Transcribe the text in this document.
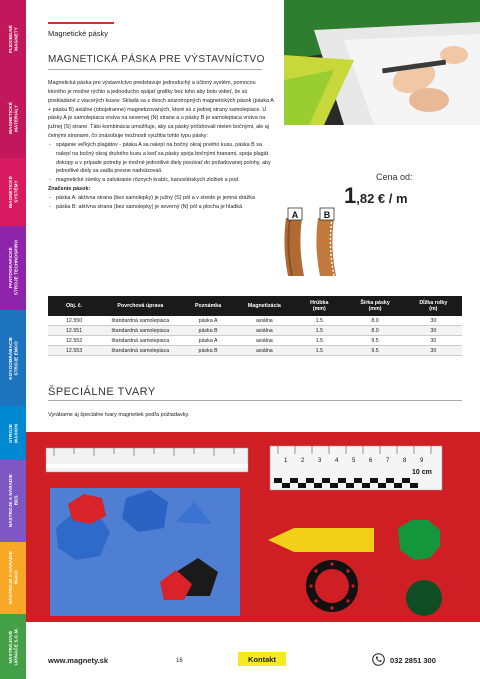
FLEXIBILNÉ
MAGNETY
MAGNETICKÉ
MATERIÁLY
MAGNETICKÉ
SYSTÉMY
PANTOGRAFICKÉ
STROJE TECHNOSPIRO
KOVOOBRÁBACIE
STROJE EMCO
STROJE
MAXION
NÁSTROJE A NÁRADIE
BDS
NÁSTROJE A NÁRADIE
RUKO
NÁSTROJOVÉ
UPÍNAČE S.C.M.
Magnetické pásky
MAGNETICKÁ PÁSKA PRE VÝSTAVNÍCTVO

Magnetická páska pre výstavníctvo predstavuje jednoduchý a účinný systém, pomocou ktorého je možné rýchlo a jednoducho spájať grafiky bez toho aby bolo vidieť, že sú poskladané z viacerých kusov. Skladá sa z dvoch anizotropných magnetických pások (páska A + páska B) axiálne (obojstranne) magnetizovaných, ktoré sú z jednej strany samolepiace. U pásky A je samolepiaca vrstva na severnej (N) strane a u pásky B je samolepiaca vrstva na južnej (S) strane. Táto kombinácia umožňuje, aby sa pásky priťahovali nielen bočnými, ale aj čelnými stranami, čo znásobuje možnosti využitia tohto typu pásky:

- spájanie veľkých plagátov - páska A sa nalepí na bočný okraj prvého kusu, páska B sa nalepí na bočný okraj druhého kusu a keď sa pásky spoja bočnými hranami, spoja plagát dokopy a v prípade potreby je možné jednotlivé diely posúvať do požadovanej polohy, aby jednotlivé diely sa sadla presne nadväzovali.
- magnetické zámky a zatváranie rôznych krabíc, kancelárskych zložiek a pod.

Značenie pások:

- páska A: aktívna strana (bez samolepky) je južný (S) pól a v strede je jemná drážka
- páska B: aktívna strana (bez samolepky) je severný (N) pól a plocha je hladká
Cena od:
1,82 € / m
A	B
Obj. č.	Povrchová úprava	Poznámka	Magnetizácia	Hrúbka
(mm)	Šírka pásky
(mm)	Dĺžka rolky
(m)
12.550	štandardná samolepiaca	páska A	axiálna	1.5	8.0	30
12.551	štandardná samolepiaca	páska B	axiálna	1.5	8.0	30
12.552	štandardná samolepiaca	páska A	axiálna	1.5	9.5	30
12.553	štandardná samolepiaca	páska B	axiálna	1.5	9.5	30
ŠPECIÁLNE TVARY
Vyrábame aj špeciálne tvary magnetiek podľa požiadavky.
1 2 3 4 5 6 7 8 9
10 cm
www.magnety.sk	16	Kontakt	032 2851 300
